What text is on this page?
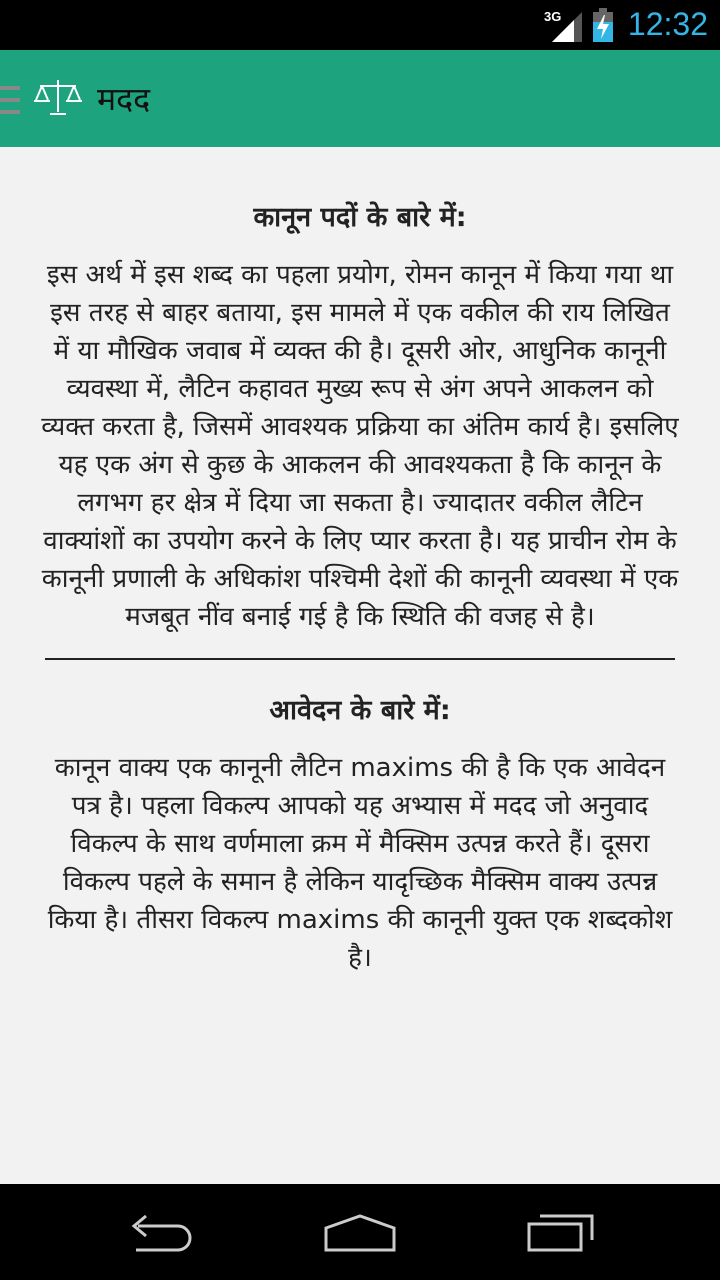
3G 12:32
मदद
कानून पदों के बारे में:
इस अर्थ में इस शब्द का पहला प्रयोग, रोमन कानून में किया गया था इस तरह से बाहर बताया, इस मामले में एक वकील की राय लिखित में या मौखिक जवाब में व्यक्त की है। दूसरी ओर, आधुनिक कानूनी व्यवस्था में, लैटिन कहावत मुख्य रूप से अंग अपने आकलन को व्यक्त करता है, जिसमें आवश्यक प्रक्रिया का अंतिम कार्य है। इसलिए यह एक अंग से कुछ के आकलन की आवश्यकता है कि कानून के लगभग हर क्षेत्र में दिया जा सकता है। ज्यादातर वकील लैटिन वाक्यांशों का उपयोग करने के लिए प्यार करता है। यह प्राचीन रोम के कानूनी प्रणाली के अधिकांश पश्चिमी देशों की कानूनी व्यवस्था में एक मजबूत नींव बनाई गई है कि स्थिति की वजह से है।
आवेदन के बारे में:
कानून वाक्य एक कानूनी लैटिन maxims की है कि एक आवेदन पत्र है। पहला विकल्प आपको यह अभ्यास में मदद जो अनुवाद विकल्प के साथ वर्णमाला क्रम में मैक्सिम उत्पन्न करते हैं। दूसरा विकल्प पहले के समान है लेकिन यादृच्छिक मैक्सिम वाक्य उत्पन्न किया है। तीसरा विकल्प maxims की कानूनी युक्त एक शब्दकोश है।
